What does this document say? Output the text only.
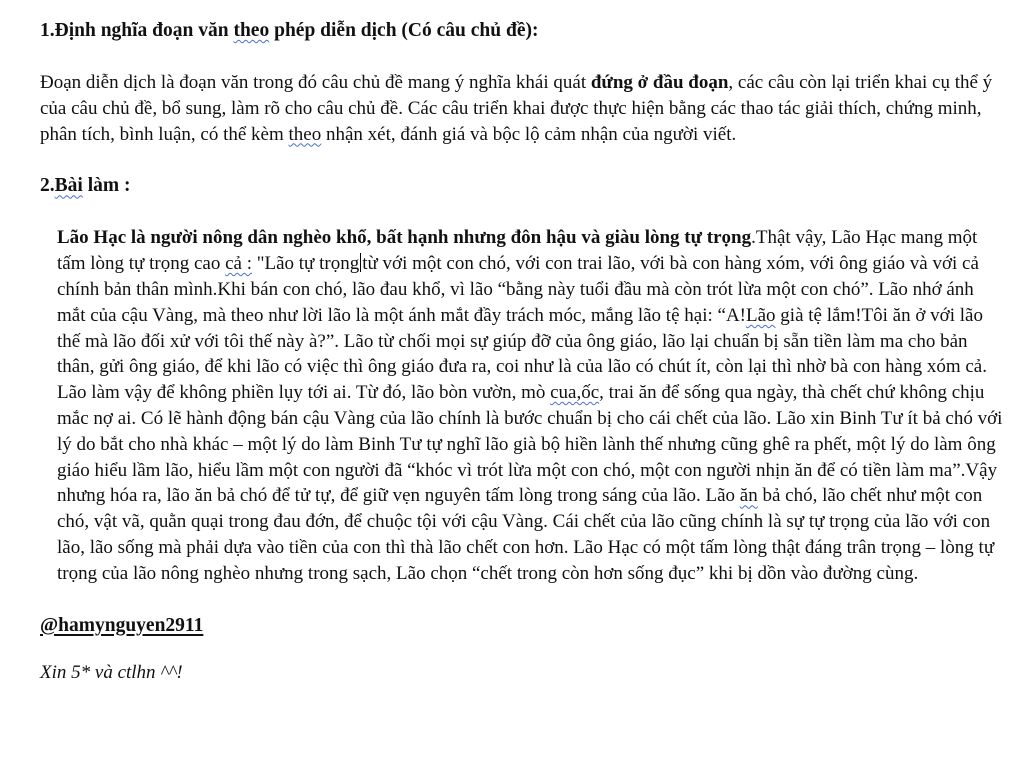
1.Định nghĩa đoạn văn theo phép diễn dịch (Có câu chủ đề):

Đoạn diễn dịch là đoạn văn trong đó câu chủ đề mang ý nghĩa khái quát đứng ở đầu đoạn, các câu còn lại triển khai cụ thể ý của câu chủ đề, bổ sung, làm rõ cho câu chủ đề. Các câu triển khai được thực hiện bằng các thao tác giải thích, chứng minh, phân tích, bình luận, có thể kèm theo nhận xét, đánh giá và bộc lộ cảm nhận của người viết.

2.Bài làm :

Lão Hạc là người nông dân nghèo khổ, bất hạnh nhưng đôn hậu và giàu lòng tự trọng.Thật vậy, Lão Hạc mang một tấm lòng tự trọng cao cả : "Lão tự trọng từ với một con chó, với con trai lão, với bà con hàng xóm, với ông giáo và với cả chính bản thân mình.Khi bán con chó, lão đau khổ, vì lão “bằng này tuổi đầu mà còn trót lừa một con chó”. Lão nhớ ánh mắt của cậu Vàng, mà theo như lời lão là một ánh mắt đầy trách móc, mắng lão tệ hại: “A!Lão già tệ lắm!Tôi ăn ở với lão thế mà lão đối xử với tôi thế này à?”. Lão từ chối mọi sự giúp đỡ của ông giáo, lão lại chuẩn bị sẵn tiền làm ma cho bản thân, gửi ông giáo, để khi lão có việc thì ông giáo đưa ra, coi như là của lão có chút ít, còn lại thì nhờ bà con hàng xóm cả. Lão làm vậy để không phiền lụy tới ai. Từ đó, lão bòn vườn, mò cua,ốc, trai ăn để sống qua ngày, thà chết chứ không chịu mắc nợ ai. Có lẽ hành động bán cậu Vàng của lão chính là bước chuẩn bị cho cái chết của lão. Lão xin Binh Tư ít bả chó với lý do bắt cho nhà khác – một lý do làm Binh Tư tự nghĩ lão già bộ hiền lành thế nhưng cũng ghê ra phết, một lý do làm ông giáo hiểu lầm lão, hiểu lầm một con người đã “khóc vì trót lừa một con chó, một con người nhịn ăn để có tiền làm ma”.Vậy nhưng hóa ra, lão ăn bả chó để tử tự, để giữ vẹn nguyên tấm lòng trong sáng của lão. Lão ăn bả chó, lão chết như một con chó, vật vã, quằn quại trong đau đớn, để chuộc tội với cậu Vàng. Cái chết của lão cũng chính là sự tự trọng của lão với con lão, lão sống mà phải dựa vào tiền của con thì thà lão chết con hơn. Lão Hạc có một tấm lòng thật đáng trân trọng – lòng tự trọng của lão nông nghèo nhưng trong sạch, Lão chọn “chết trong còn hơn sống đục” khi bị dồn vào đường cùng.

@hamynguyen2911

Xin 5* và ctlhn ^^!
